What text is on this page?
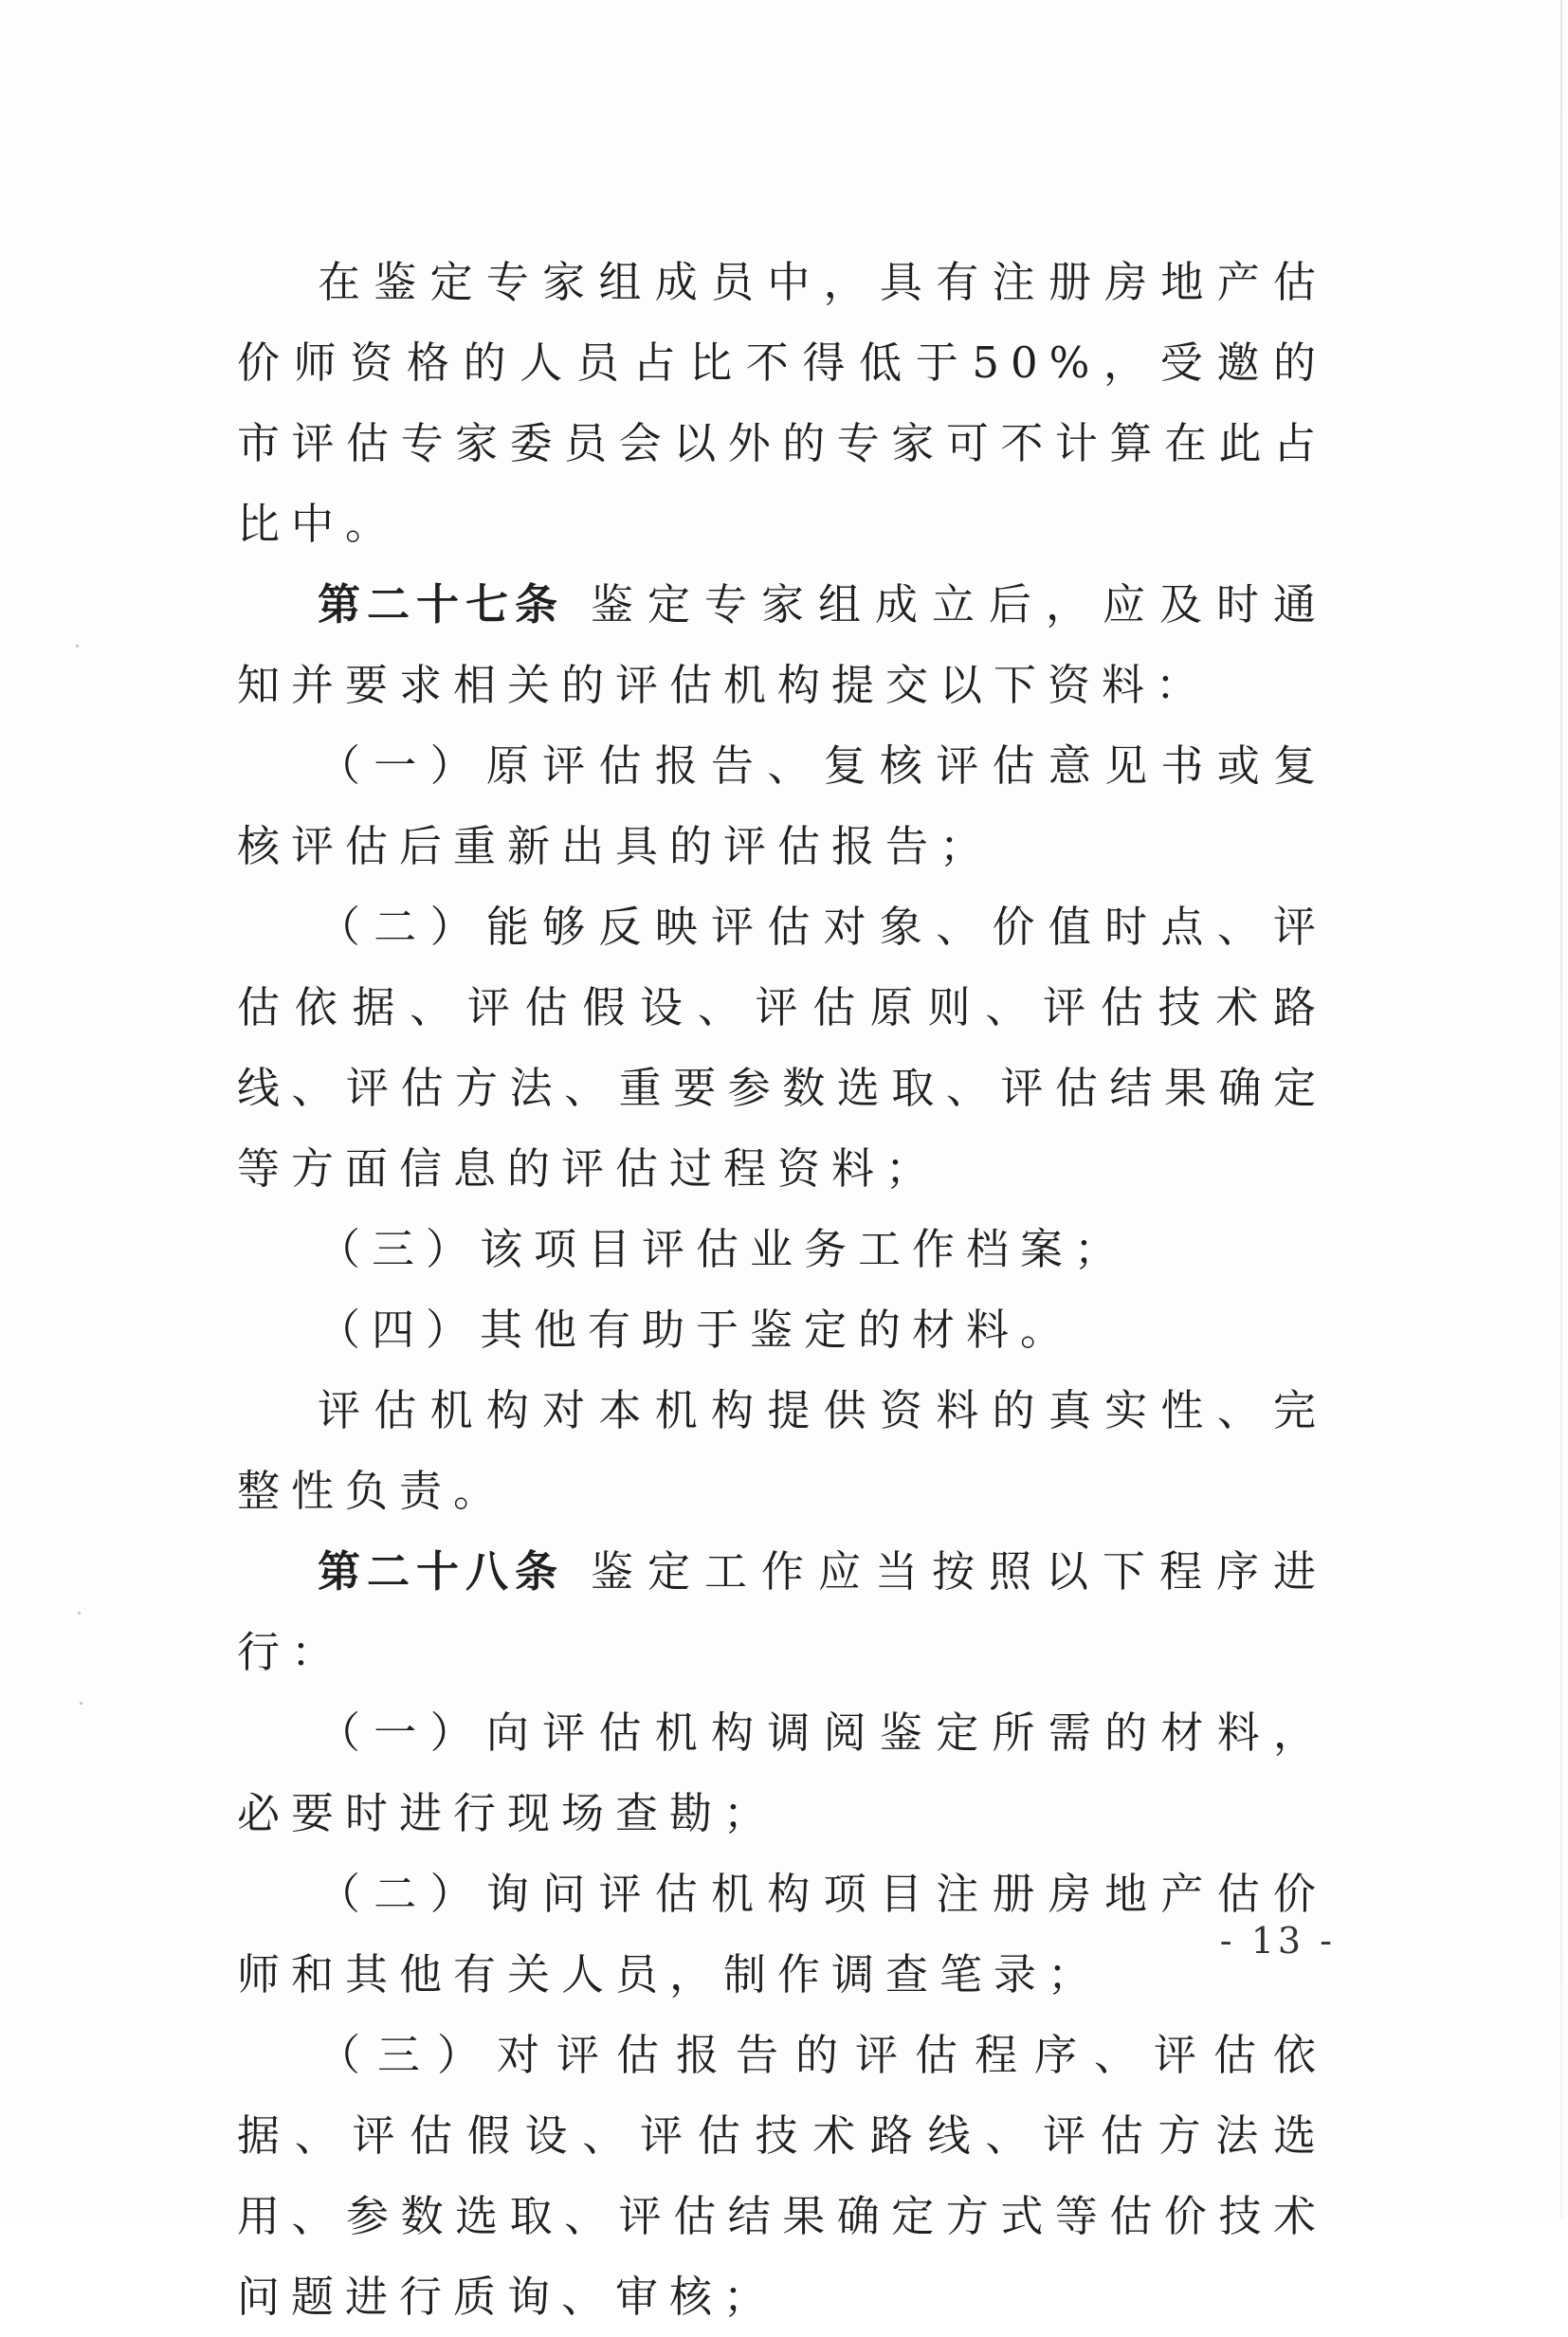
在鉴定专家组成员中，具有注册房地产估价师资格的人员占比不得低于50%，受邀的市评估专家委员会以外的专家可不计算在此占比中。

第二十七条 鉴定专家组成立后，应及时通知并要求相关的评估机构提交以下资料：

（一）原评估报告、复核评估意见书或复核评估后重新出具的评估报告；

（二）能够反映评估对象、价值时点、评估依据、评估假设、评估原则、评估技术路线、评估方法、重要参数选取、评估结果确定等方面信息的评估过程资料；

（三）该项目评估业务工作档案；

（四）其他有助于鉴定的材料。

评估机构对本机构提供资料的真实性、完整性负责。

第二十八条 鉴定工作应当按照以下程序进行：

（一）向评估机构调阅鉴定所需的材料，必要时进行现场查勘；

（二）询问评估机构项目注册房地产估价师和其他有关人员，制作调查笔录；

（三）对评估报告的评估程序、评估依据、评估假设、评估技术路线、评估方法选用、参数选取、评估结果确定方式等估价技术问题进行质询、审核；

- 13 -
